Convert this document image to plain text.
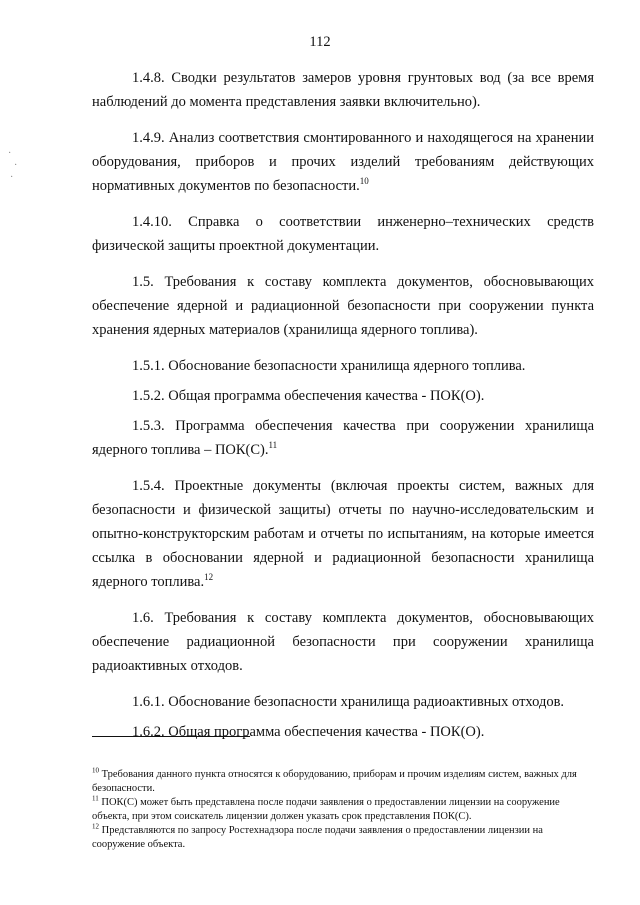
112

1.4.8. Сводки результатов замеров уровня грунтовых вод (за все время наблюдений до момента представления заявки включительно).

1.4.9. Анализ соответствия смонтированного и находящегося на хранении оборудования, приборов и прочих изделий требованиям действующих нормативных документов по безопасности.$^{10}$

1.4.10. Справка о соответствии инженерно–технических средств физической защиты проектной документации.

1.5. Требования к составу комплекта документов, обосновывающих обеспечение ядерной и радиационной безопасности при сооружении пункта хранения ядерных материалов (хранилища ядерного топлива).

1.5.1. Обоснование безопасности хранилища ядерного топлива.

1.5.2. Общая программа обеспечения качества - ПОК(О).

1.5.3. Программа обеспечения качества при сооружении хранилища ядерного топлива – ПОК(С).$^{11}$

1.5.4. Проектные документы (включая проекты систем, важных для безопасности и физической защиты) отчеты по научно-исследовательским и опытно-конструкторским работам и отчеты по испытаниям, на которые имеется ссылка в обосновании ядерной и радиационной безопасности хранилища ядерного топлива.$^{12}$

1.6. Требования к составу комплекта документов, обосновывающих обеспечение радиационной безопасности при сооружении хранилища радиоактивных отходов.

1.6.1. Обоснование безопасности хранилища радиоактивных отходов.

1.6.2. Общая программа обеспечения качества - ПОК(О).

$^{10}$ Требования данного пункта относятся к оборудованию, приборам и прочим изделиям систем, важных для безопасности.

$^{11}$ ПОК(С) может быть представлена после подачи заявления о предоставлении лицензии на сооружение объекта, при этом соискатель лицензии должен указать срок представления ПОК(С).

$^{12}$ Представляются по запросу Ростехнадзора после подачи заявления о предоставлении лицензии на сооружение объекта.

·
·
·
